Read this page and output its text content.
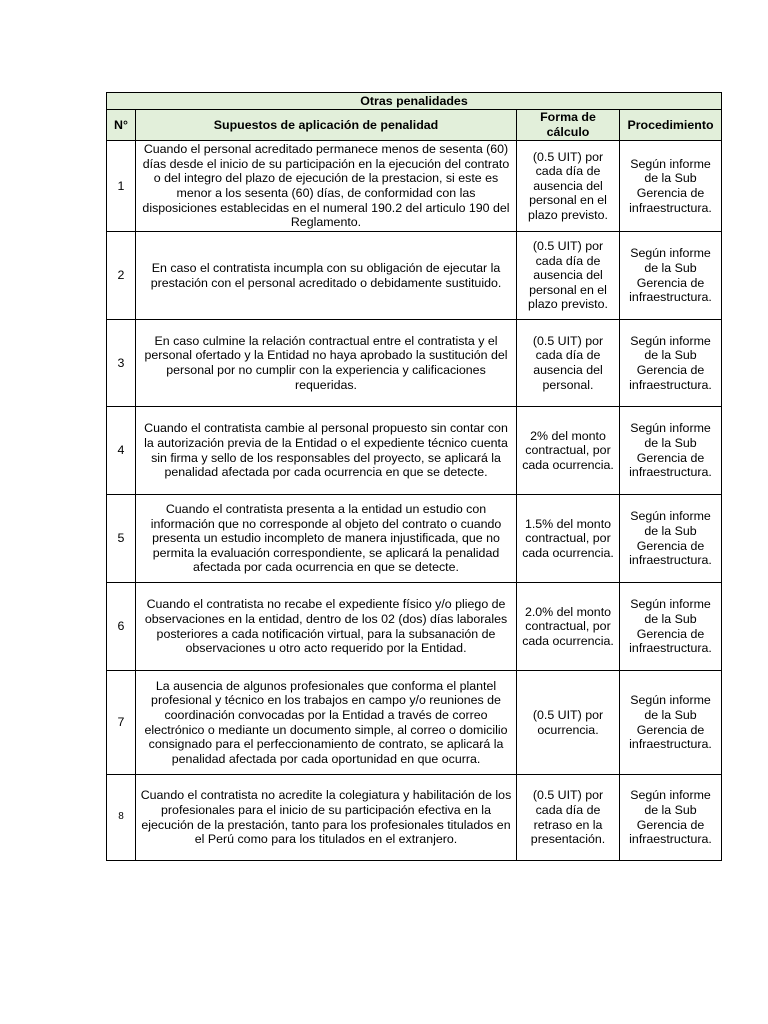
Otras penalidades			
N°	Supuestos de aplicación de penalidad	Forma de cálculo	Procedimiento
1	Cuando el personal acreditado permanece menos de sesenta (60) días desde el inicio de su participación en la ejecución del contrato o del integro del plazo de ejecución de la prestacion, si este es menor a los sesenta (60) días, de conformidad con las disposiciones establecidas en el numeral 190.2 del articulo 190 del Reglamento.	(0.5 UIT) por cada día de ausencia del personal en el plazo previsto.	Según informe de la Sub Gerencia de infraestructura.
2	En caso el contratista incumpla con su obligación de ejecutar la prestación con el personal acreditado o debidamente sustituido.	(0.5 UIT) por cada día de ausencia del personal en el plazo previsto.	Según informe de la Sub Gerencia de infraestructura.
3	En caso culmine la relación contractual entre el contratista y el personal ofertado y la Entidad no haya aprobado la sustitución del personal por no cumplir con la experiencia y calificaciones requeridas.	(0.5 UIT) por cada día de ausencia del personal.	Según informe de la Sub Gerencia de infraestructura.
4	Cuando el contratista cambie al personal propuesto sin contar con la autorización previa de la Entidad o el expediente técnico cuenta sin firma y sello de los responsables del proyecto, se aplicará la penalidad afectada por cada ocurrencia en que se detecte.	2% del monto contractual, por cada ocurrencia.	Según informe de la Sub Gerencia de infraestructura.
5	Cuando el contratista presenta a la entidad un estudio con información que no corresponde al objeto del contrato o cuando presenta un estudio incompleto de manera injustificada, que no permita la evaluación correspondiente, se aplicará la penalidad afectada por cada ocurrencia en que se detecte.	1.5% del monto contractual, por cada ocurrencia.	Según informe de la Sub Gerencia de infraestructura.
6	Cuando el contratista no recabe el expediente físico y/o pliego de observaciones en la entidad, dentro de los 02 (dos) días laborales posteriores a cada notificación virtual, para la subsanación de observaciones u otro acto requerido por la Entidad.	2.0% del monto contractual, por cada ocurrencia.	Según informe de la Sub Gerencia de infraestructura.
7	La ausencia de algunos profesionales que conforma el plantel profesional y técnico en los trabajos en campo y/o reuniones de coordinación convocadas por la Entidad a través de correo electrónico o mediante un documento simple, al correo o domicilio consignado para el perfeccionamiento de contrato, se aplicará la penalidad afectada por cada oportunidad en que ocurra.	(0.5 UIT) por ocurrencia.	Según informe de la Sub Gerencia de infraestructura.
8	Cuando el contratista no acredite la colegiatura y habilitación de los profesionales para el inicio de su participación efectiva en la ejecución de la prestación, tanto para los profesionales titulados en el Perú como para los titulados en el extranjero.	(0.5 UIT) por cada día de retraso en la presentación.	Según informe de la Sub Gerencia de infraestructura.
